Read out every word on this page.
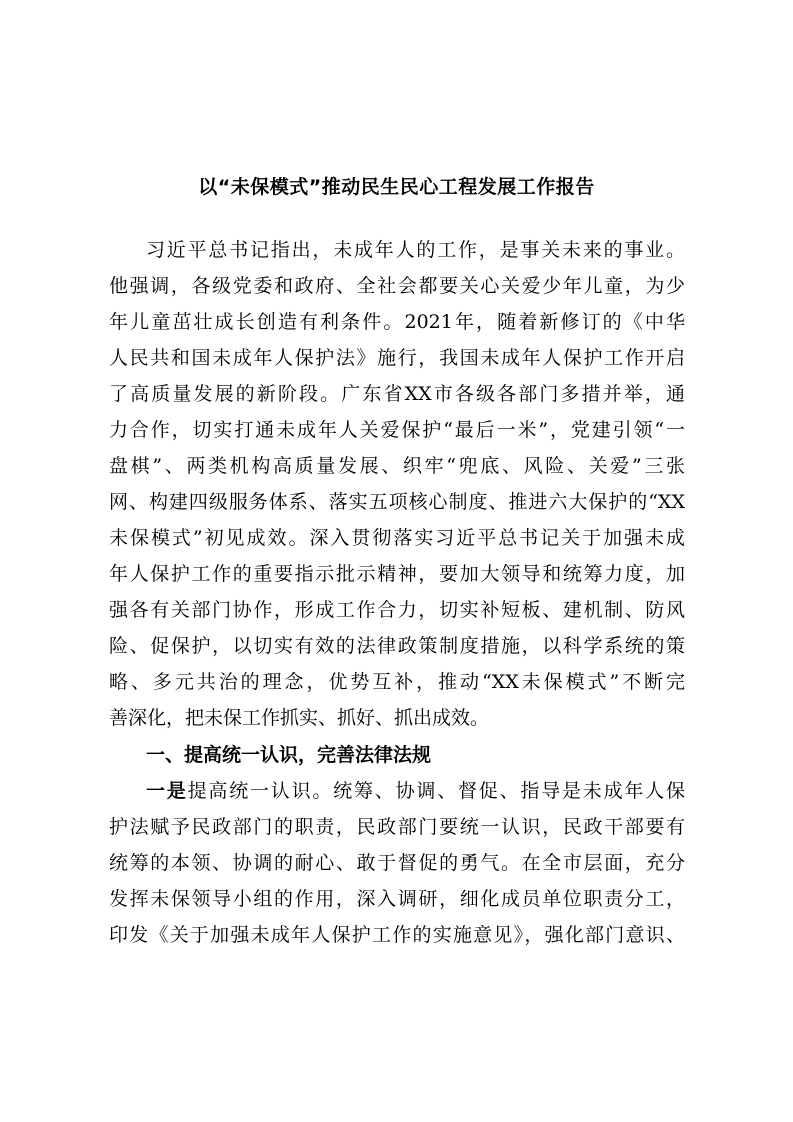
以“未保模式”推动民生民心工程发展工作报告
习近平总书记指出，未成年人的工作，是事关未来的事业。
他强调，各级党委和政府、全社会都要关心关爱少年儿童，为少
年儿童茁壮成长创造有利条件。2021年，随着新修订的《中华
人民共和国未成年人保护法》施行，我国未成年人保护工作开启
了高质量发展的新阶段。广东省XX市各级各部门多措并举，通
力合作，切实打通未成年人关爱保护“最后一米”，党建引领“一
盘棋”、两类机构高质量发展、织牢“兜底、风险、关爱”三张
网、构建四级服务体系、落实五项核心制度、推进六大保护的“XX
未保模式”初见成效。深入贯彻落实习近平总书记关于加强未成
年人保护工作的重要指示批示精神，要加大领导和统筹力度，加
强各有关部门协作，形成工作合力，切实补短板、建机制、防风
险、促保护，以切实有效的法律政策制度措施，以科学系统的策
略、多元共治的理念，优势互补，推动“XX未保模式”不断完
善深化，把未保工作抓实、抓好、抓出成效。
一、提高统一认识，完善法律法规
一是提高统一认识。统筹、协调、督促、指导是未成年人保
护法赋予民政部门的职责，民政部门要统一认识，民政干部要有
统筹的本领、协调的耐心、敢于督促的勇气。在全市层面，充分
发挥未保领导小组的作用，深入调研，细化成员单位职责分工，
印发《关于加强未成年人保护工作的实施意见》，强化部门意识、
